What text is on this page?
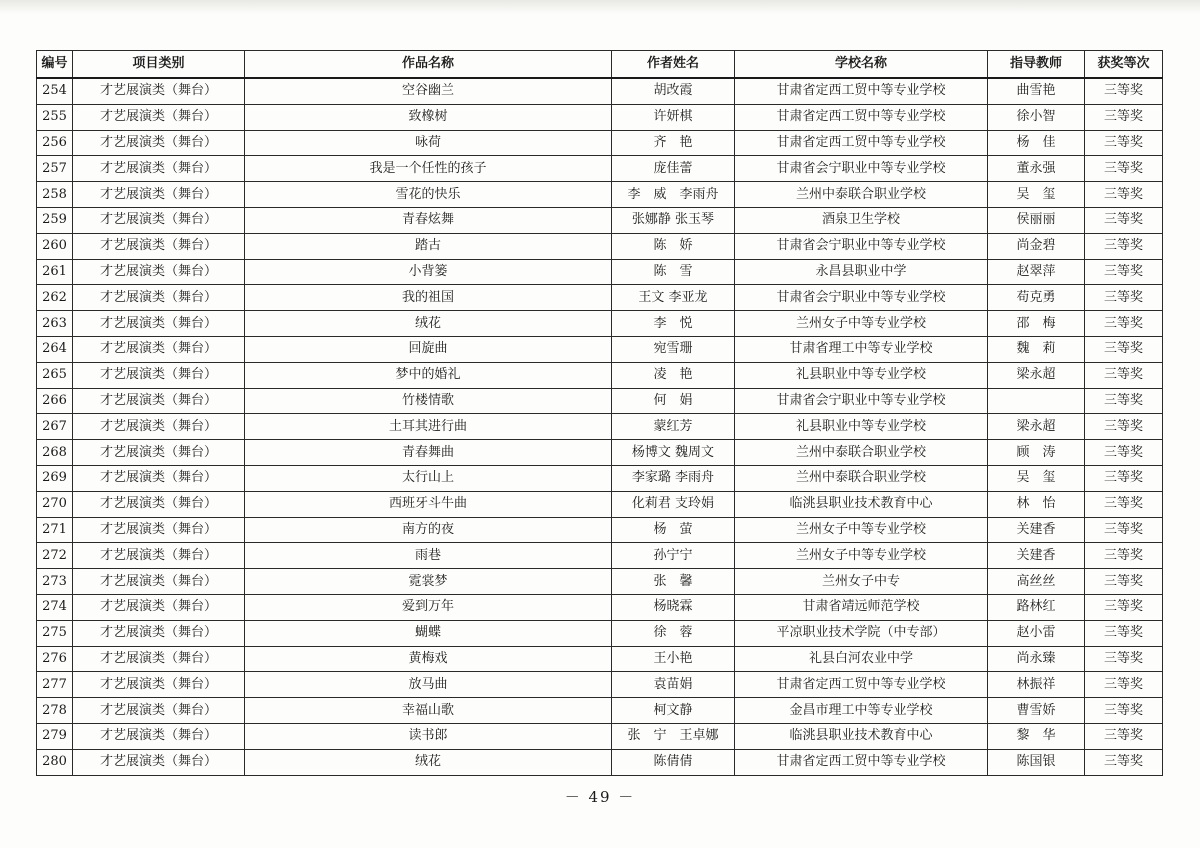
编号	项目类别	作品名称	作者姓名	学校名称	指导教师	获奖等次
254	才艺展演类（舞台）	空谷幽兰	胡改霞	甘肃省定西工贸中等专业学校	曲雪艳	三等奖
255	才艺展演类（舞台）	致橡树	许妍棋	甘肃省定西工贸中等专业学校	徐小智	三等奖
256	才艺展演类（舞台）	咏荷	齐　艳	甘肃省定西工贸中等专业学校	杨　佳	三等奖
257	才艺展演类（舞台）	我是一个任性的孩子	庞佳蕾	甘肃省会宁职业中等专业学校	董永强	三等奖
258	才艺展演类（舞台）	雪花的快乐	李　威　李雨舟	兰州中泰联合职业学校	吴　玺	三等奖
259	才艺展演类（舞台）	青春炫舞	张娜静 张玉琴	酒泉卫生学校	侯丽丽	三等奖
260	才艺展演类（舞台）	踏古	陈　娇	甘肃省会宁职业中等专业学校	尚金碧	三等奖
261	才艺展演类（舞台）	小背篓	陈　雪	永昌县职业中学	赵翠萍	三等奖
262	才艺展演类（舞台）	我的祖国	王文 李亚龙	甘肃省会宁职业中等专业学校	苟克勇	三等奖
263	才艺展演类（舞台）	绒花	李　悦	兰州女子中等专业学校	邵　梅	三等奖
264	才艺展演类（舞台）	回旋曲	宛雪珊	甘肃省理工中等专业学校	魏　莉	三等奖
265	才艺展演类（舞台）	梦中的婚礼	凌　艳	礼县职业中等专业学校	梁永超	三等奖
266	才艺展演类（舞台）	竹楼情歌	何　娟	甘肃省会宁职业中等专业学校		三等奖
267	才艺展演类（舞台）	土耳其进行曲	蒙红芳	礼县职业中等专业学校	梁永超	三等奖
268	才艺展演类（舞台）	青春舞曲	杨博文 魏周文	兰州中泰联合职业学校	顾　涛	三等奖
269	才艺展演类（舞台）	太行山上	李家璐 李雨舟	兰州中泰联合职业学校	吴　玺	三等奖
270	才艺展演类（舞台）	西班牙斗牛曲	化莉君 支玲娟	临洮县职业技术教育中心	林　怡	三等奖
271	才艺展演类（舞台）	南方的夜	杨　萤	兰州女子中等专业学校	关建香	三等奖
272	才艺展演类（舞台）	雨巷	孙宁宁	兰州女子中等专业学校	关建香	三等奖
273	才艺展演类（舞台）	霓裳梦	张　馨	兰州女子中专	高丝丝	三等奖
274	才艺展演类（舞台）	爱到万年	杨晓霖	甘肃省靖远师范学校	路林红	三等奖
275	才艺展演类（舞台）	蝴蝶	徐　蓉	平凉职业技术学院（中专部）	赵小雷	三等奖
276	才艺展演类（舞台）	黄梅戏	王小艳	礼县白河农业中学	尚永臻	三等奖
277	才艺展演类（舞台）	放马曲	袁苗娟	甘肃省定西工贸中等专业学校	林振祥	三等奖
278	才艺展演类（舞台）	幸福山歌	柯文静	金昌市理工中等专业学校	曹雪娇	三等奖
279	才艺展演类（舞台）	读书郎	张　宁　王卓娜	临洮县职业技术教育中心	黎　华	三等奖
280	才艺展演类（舞台）	绒花	陈倩倩	甘肃省定西工贸中等专业学校	陈国银	三等奖
－ 49 －
